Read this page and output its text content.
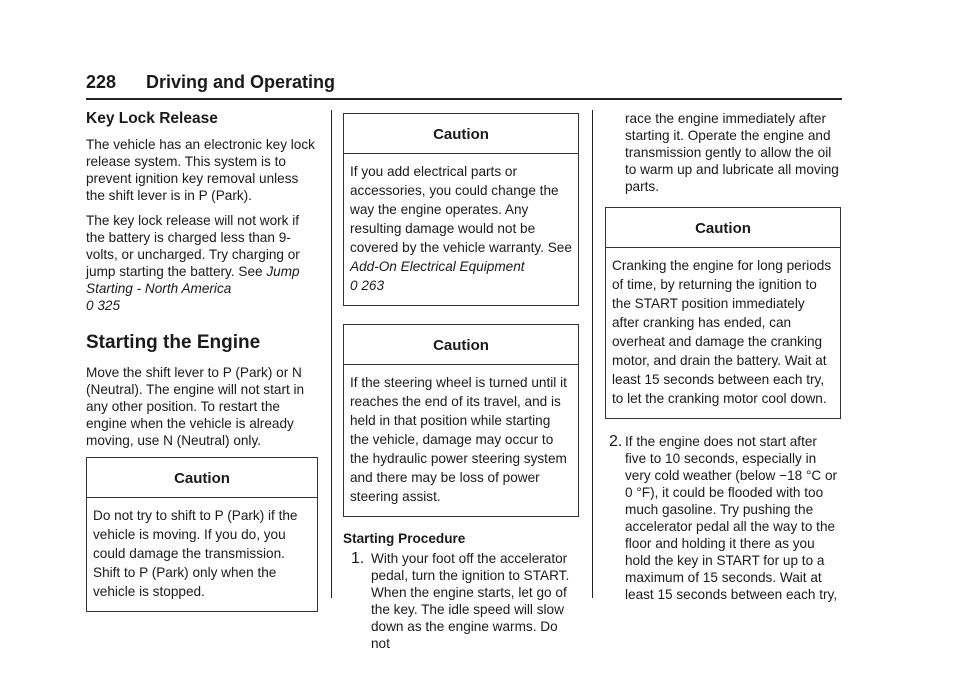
228 Driving and Operating
Key Lock Release

The vehicle has an electronic key lock release system. This system is to prevent ignition key removal unless the shift lever is in P (Park).

The key lock release will not work if the battery is charged less than 9-volts, or uncharged. Try charging or jump starting the battery. See Jump Starting - North America
0 325

Starting the Engine

Move the shift lever to P (Park) or N (Neutral). The engine will not start in any other position. To restart the engine when the vehicle is already moving, use N (Neutral) only.

Caution
Do not try to shift to P (Park) if the vehicle is moving. If you do, you could damage the transmission. Shift to P (Park) only when the vehicle is stopped.
Caution
If you add electrical parts or accessories, you could change the way the engine operates. Any resulting damage would not be covered by the vehicle warranty. See Add-On Electrical Equipment
0 263
Caution
If the steering wheel is turned until it reaches the end of its travel, and is held in that position while starting the vehicle, damage may occur to the hydraulic power steering system and there may be loss of power steering assist.
Starting Procedure
1. With your foot off the accelerator pedal, turn the ignition to START. When the engine starts, let go of the key. The idle speed will slow down as the engine warms. Do not

race the engine immediately after starting it. Operate the engine and transmission gently to allow the oil to warm up and lubricate all moving parts.

Caution
Cranking the engine for long periods of time, by returning the ignition to the START position immediately after cranking has ended, can overheat and damage the cranking motor, and drain the battery. Wait at least 15 seconds between each try, to let the cranking motor cool down.
2. If the engine does not start after five to 10 seconds, especially in very cold weather (below −18 °C or 0 °F), it could be flooded with too much gasoline. Try pushing the accelerator pedal all the way to the floor and holding it there as you hold the key in START for up to a maximum of 15 seconds. Wait at least 15 seconds between each try,
